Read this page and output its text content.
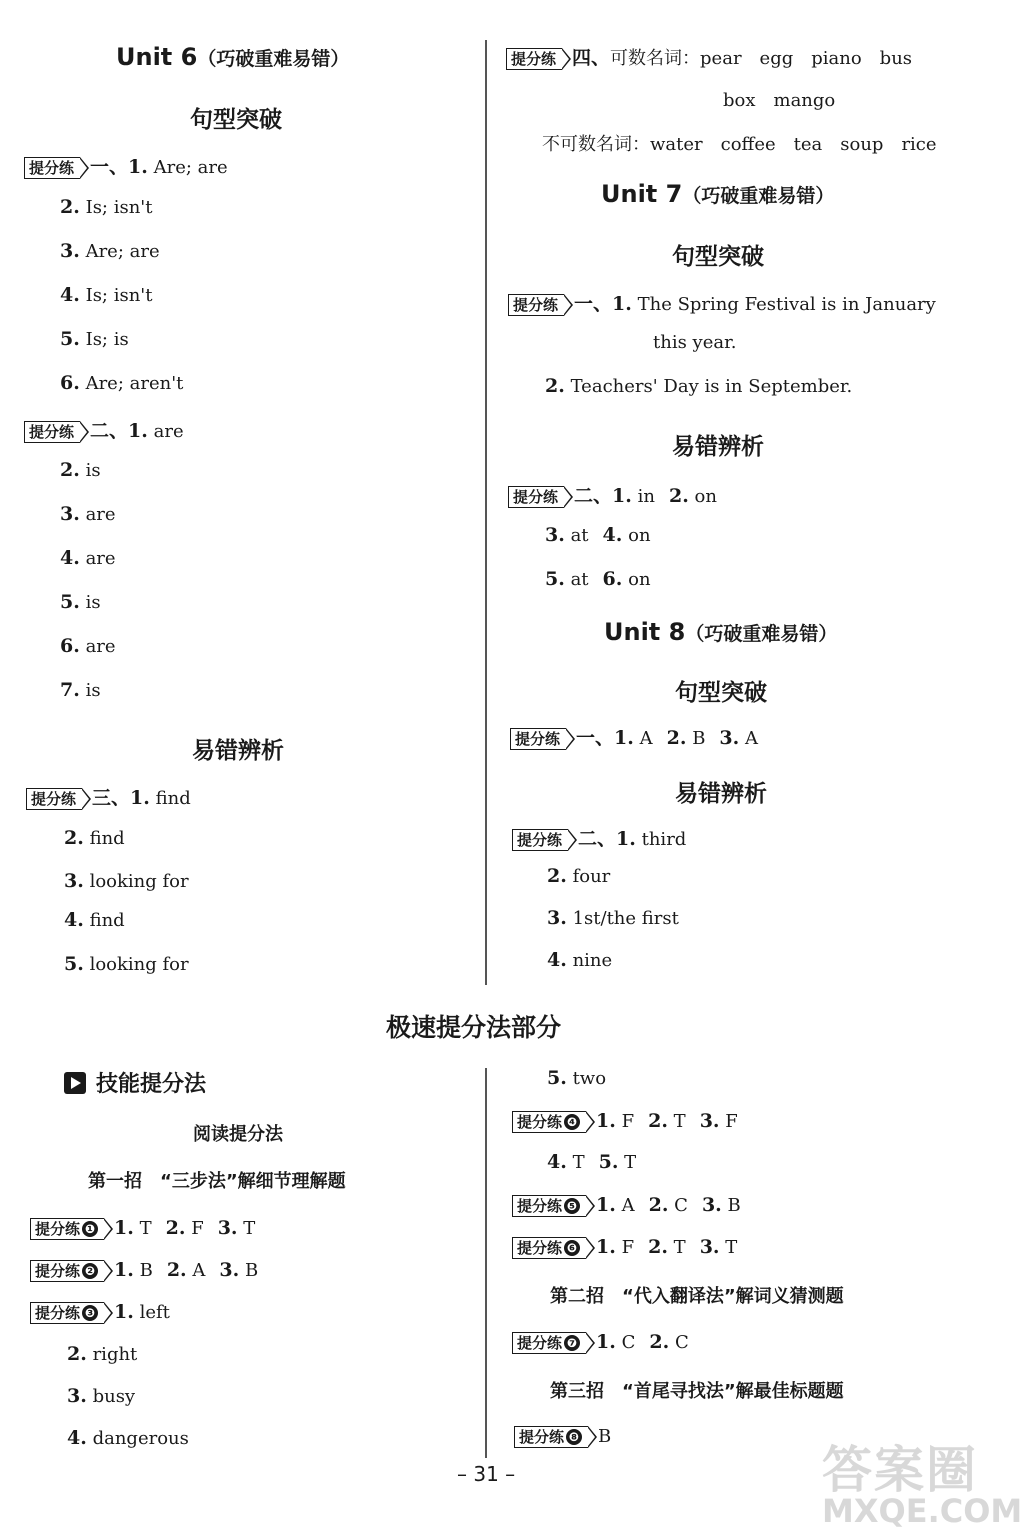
Unit 6（巧破重难易错）
句型突破
提分练 一、1. Are; are
2. Is; isn't
3. Are; are
4. Is; isn't
5. Is; is
6. Are; aren't
提分练 二、1. are
2. is
3. are
4. are
5. is
6. are
7. is
易错辨析
提分练 三、1. find
2. find
3. looking for
4. find
5. looking for
提分练 四、可数名词：pear　egg　piano　bus
box　mango
不可数名词：water　coffee　tea　soup　rice
Unit 7（巧破重难易错）
句型突破
提分练 一、1. The Spring Festival is in January
this year.
2. Teachers' Day is in September.
易错辨析
提分练 二、1. in 2. on
3. at 4. on
5. at 6. on
Unit 8（巧破重难易错）
句型突破
提分练 一、1. A 2. B 3. A
易错辨析
提分练 二、1. third
2. four
3. 1st/the first
4. nine
极速提分法部分
技能提分法
阅读提分法
第一招　“三步法”解细节理解题
提分练 ❶ 1. T 2. F 3. T
提分练 ❷ 1. B 2. A 3. B
提分练 ❸ 1. left
2. right
3. busy
4. dangerous
5. two
提分练 ❹ 1. F 2. T 3. F
4. T 5. T
提分练 ❺ 1. A 2. C 3. B
提分练 ❻ 1. F 2. T 3. T
第二招　“代入翻译法”解词义猜测题
提分练 ❼ 1. C 2. C
第三招　“首尾寻找法”解最佳标题题
提分练 ❽ B
– 31 –	答案圈
MXQE.COM
